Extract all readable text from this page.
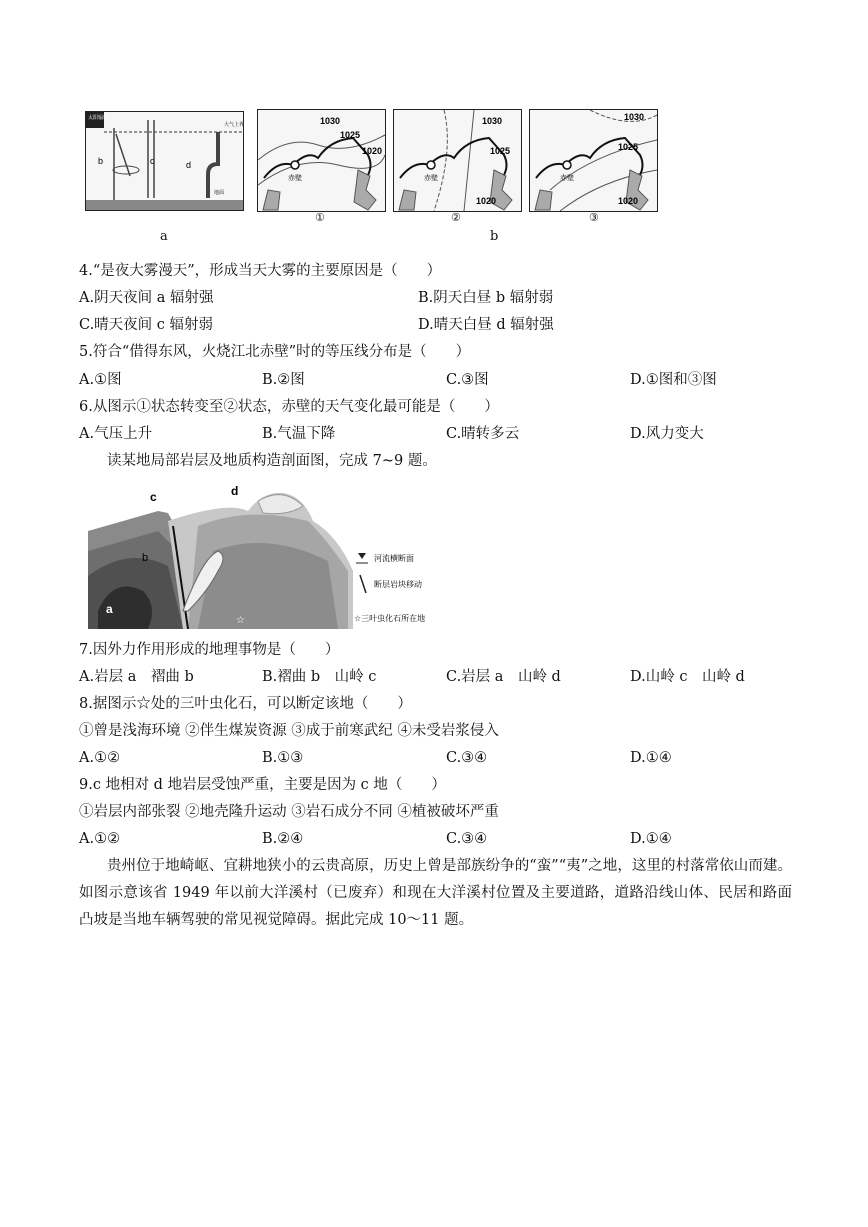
太阳辐射
大气上界
b	c	d
地面
a
1030
1025
1020
赤壁
①
1030
1025
1020
赤壁
②
1030
1025
1020
赤壁
③
b
4.“是夜大雾漫天”，形成当天大雾的主要原因是（　　）
A.阴天夜间 a 辐射强	B.阴天白昼 b 辐射弱
C.晴天夜间 c 辐射弱	D.晴天白昼 d 辐射强
5.符合“借得东风，火烧江北赤壁”时的等压线分布是（　　）
A.①图	B.②图	C.③图	D.①图和③图
6.从图示①状态转变至②状态，赤壁的天气变化最可能是（　　）
A.气压上升	B.气温下降	C.晴转多云	D.风力变大
读某地局部岩层及地质构造剖面图，完成 7~9 题。
c	d
b
a
☆
河流横断面
断层岩块移动
☆三叶虫化石所在地
7.因外力作用形成的地理事物是（　　）
A.岩层 a　褶曲 b	B.褶曲 b　山岭 c	C.岩层 a　山岭 d	D.山岭 c　山岭 d
8.据图示☆处的三叶虫化石，可以断定该地（　　）
①曾是浅海环境 ②伴生煤炭资源 ③成于前寒武纪 ④未受岩浆侵入
A.①②	B.①③	C.③④	D.①④
9.c 地相对 d 地岩层受蚀严重，主要是因为 c 地（　　）
①岩层内部张裂 ②地壳隆升运动 ③岩石成分不同 ④植被破坏严重
A.①②	B.②④	C.③④	D.①④
贵州位于地崎岖、宜耕地狭小的云贵高原，历史上曾是部族纷争的“蛮”“夷”之地，这里的村落常依山而建。如图示意该省 1949 年以前大洋溪村（已废弃）和现在大洋溪村位置及主要道路，道路沿线山体、民居和路面凸坡是当地车辆驾驶的常见视觉障碍。据此完成 10～11 题。
